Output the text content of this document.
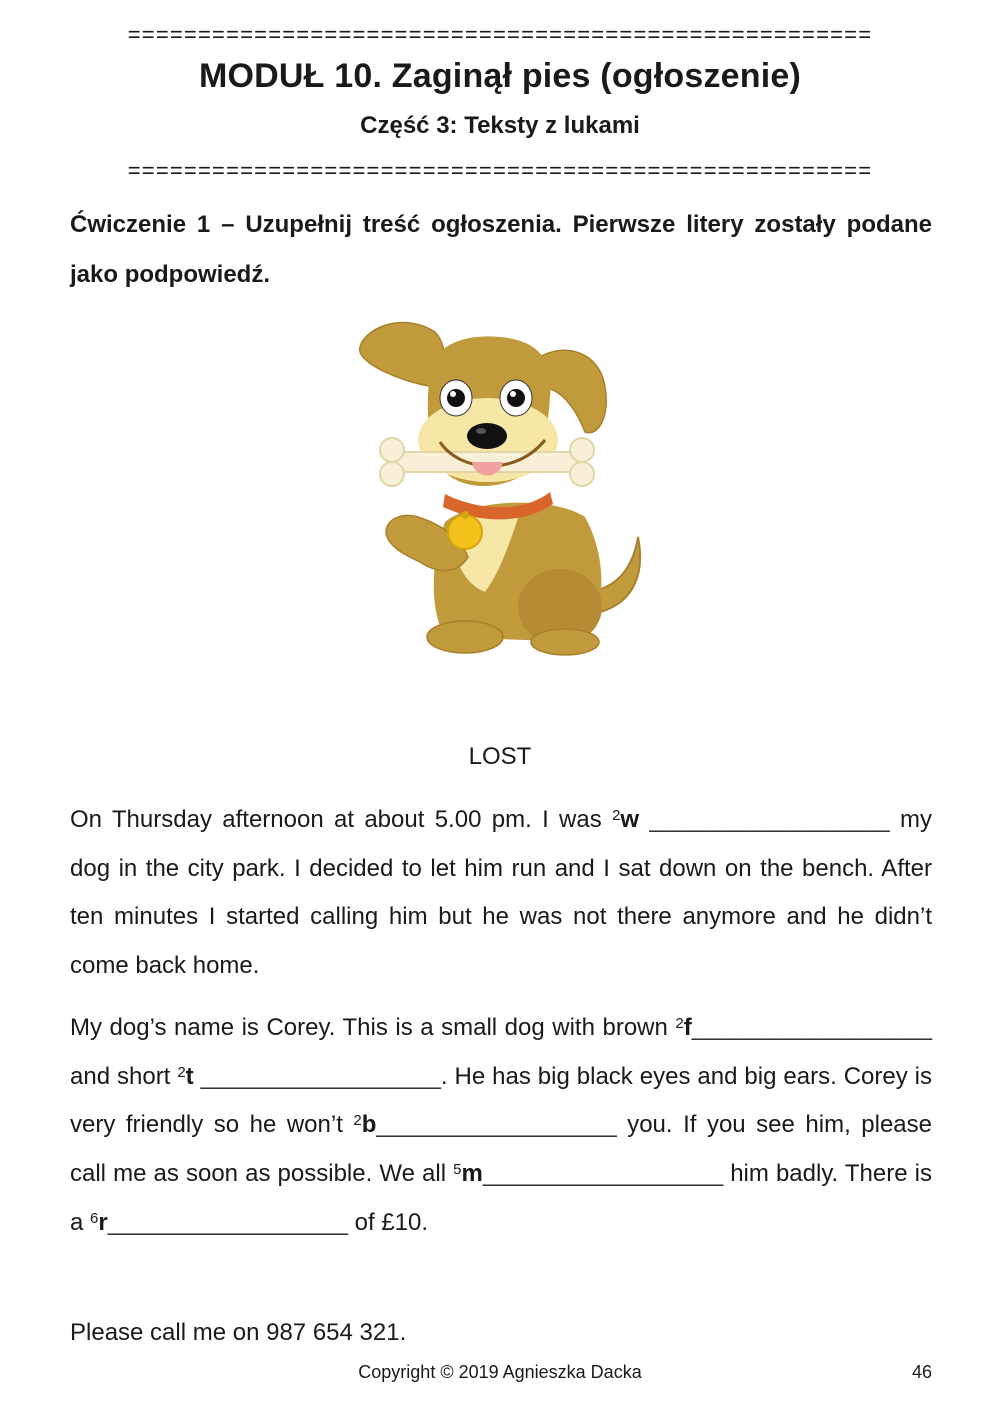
=====================================================
MODUŁ 10. Zaginął pies (ogłoszenie)
Część 3: Teksty z lukami
=====================================================
Ćwiczenie 1 – Uzupełnij treść ogłoszenia. Pierwsze litery zostały podane jako podpowiedź.
LOST
On Thursday afternoon at about 5.00 pm. I was $^2$w __________________ my dog in the city park. I decided to let him run and I sat down on the bench. After ten minutes I started calling him but he was not there anymore and he didn’t come back home.
My dog’s name is Corey. This is a small dog with brown $^2$f__________________ and short $^2$t __________________. He has big black eyes and big ears. Corey is very friendly so he won’t $^2$b__________________ you. If you see him, please call me as soon as possible. We all $^5$m__________________ him badly. There is a $^6$r__________________ of £10.
Please call me on 987 654 321.
Copyright © 2019 Agnieszka Dacka	46
